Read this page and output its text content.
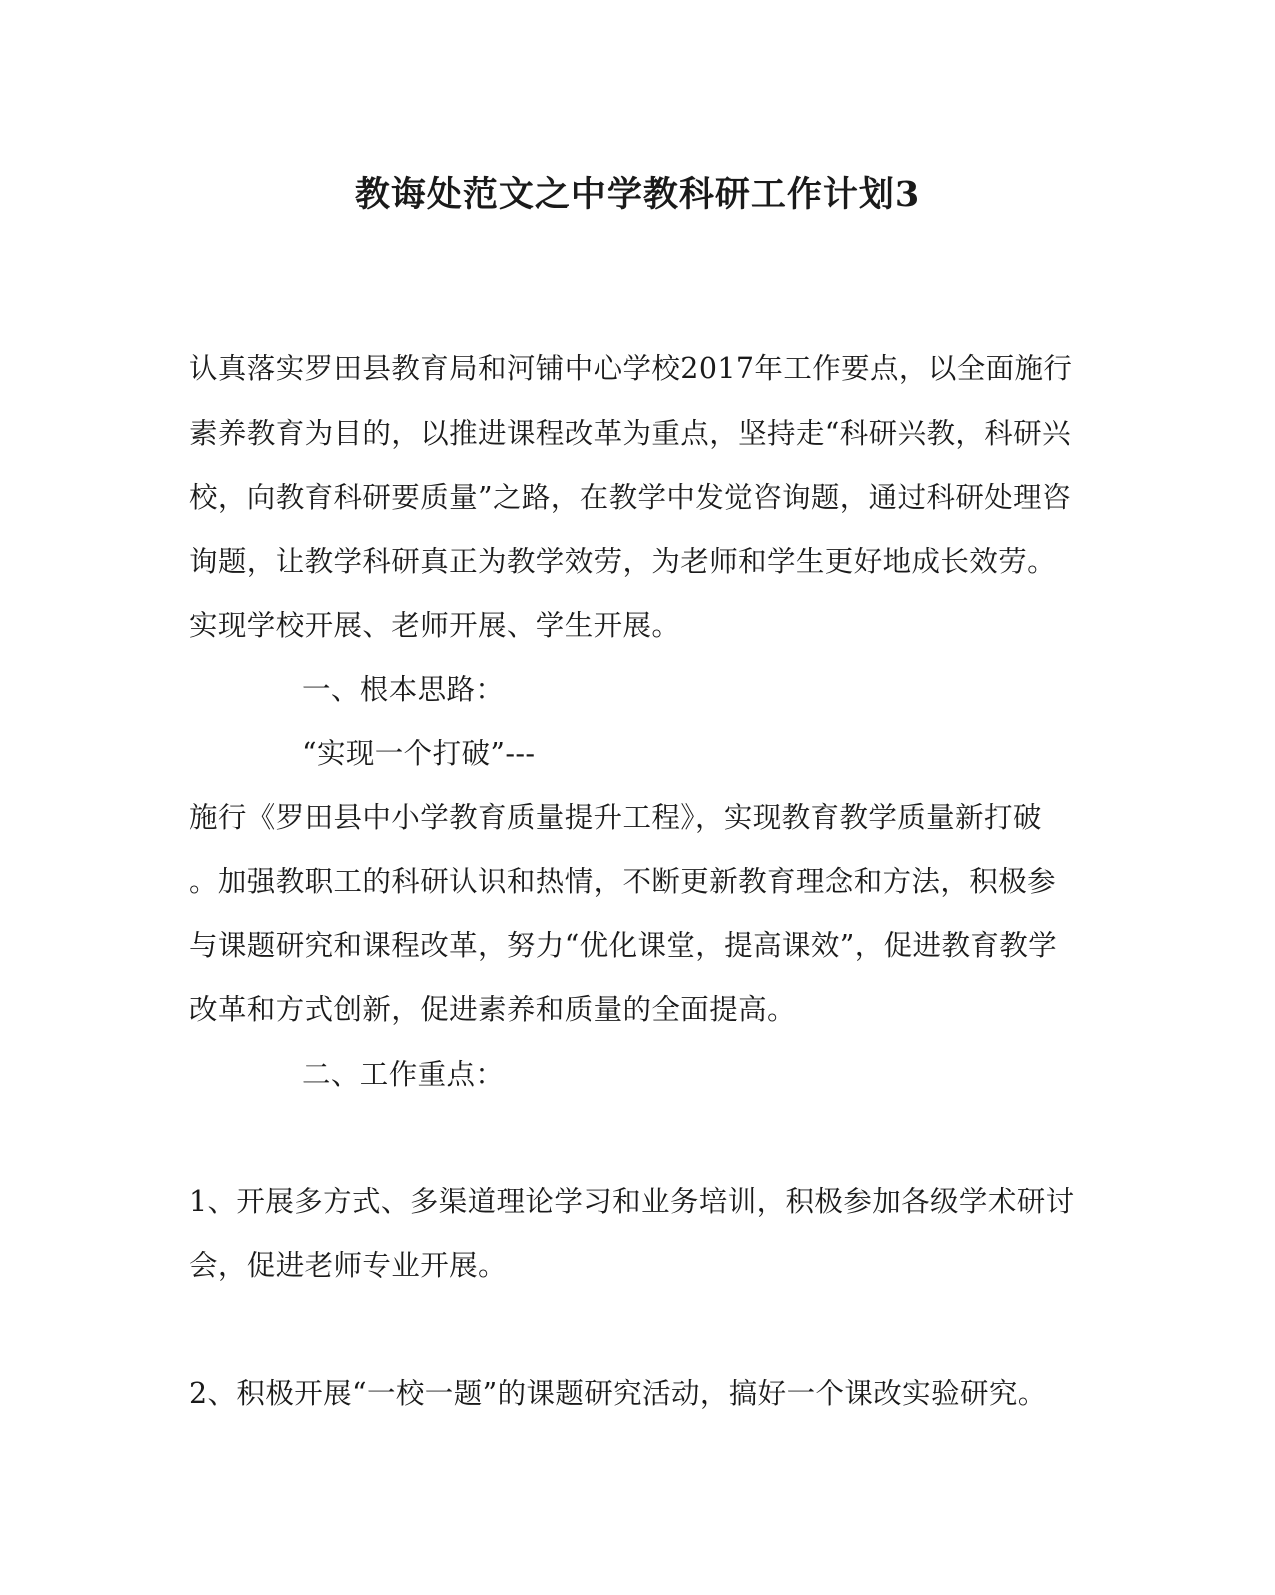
教诲处范文之中学教科研工作计划3
认真落实罗田县教育局和河铺中心学校2017年工作要点，以全面施行
素养教育为目的，以推进课程改革为重点，坚持走“科研兴教，科研兴
校，向教育科研要质量”之路，在教学中发觉咨询题，通过科研处理咨
询题，让教学科研真正为教学效劳，为老师和学生更好地成长效劳。
实现学校开展、老师开展、学生开展。
一、根本思路：
“实现一个打破”---
施行《罗田县中小学教育质量提升工程》，实现教育教学质量新打破
。加强教职工的科研认识和热情，不断更新教育理念和方法，积极参
与课题研究和课程改革，努力“优化课堂，提高课效”，促进教育教学
改革和方式创新，促进素养和质量的全面提高。
二、工作重点：
1、开展多方式、多渠道理论学习和业务培训，积极参加各级学术研讨
会，促进老师专业开展。
2、积极开展“一校一题”的课题研究活动，搞好一个课改实验研究。
